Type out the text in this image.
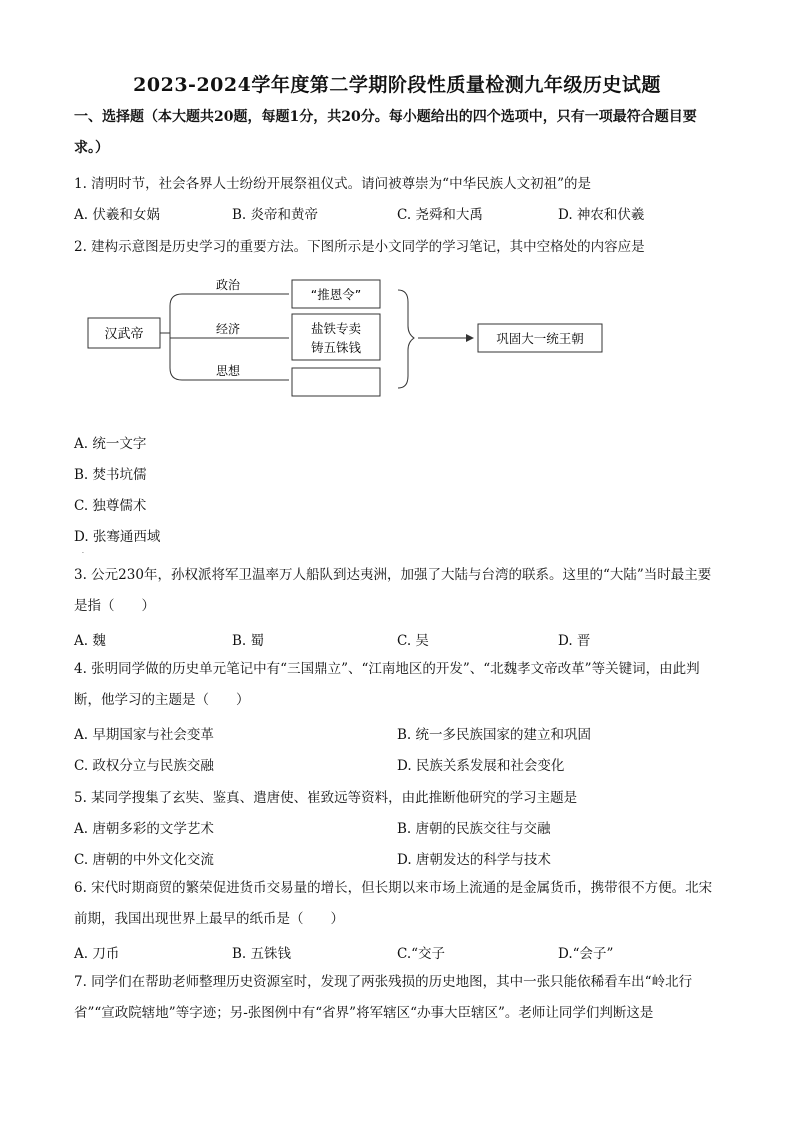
2023-2024学年度第二学期阶段性质量检测九年级历史试题
一、选择题（本大题共20题，每题1分，共20分。每小题给出的四个选项中，只有一项最符合题目要求。）
1. 清明时节，社会各界人士纷纷开展祭祖仪式。请问被尊崇为“中华民族人文初祖”的是
A. 伏羲和女娲	B. 炎帝和黄帝	C. 尧舜和大禹	D. 神农和伏羲
2. 建构示意图是历史学习的重要方法。下图所示是小文同学的学习笔记，其中空格处的内容应是
汉武帝
政治
经济
思想
“推恩令”
盐铁专卖
铸五铢钱
巩固大一统王朝
A. 统一文字
B. 焚书坑儒
C. 独尊儒术
D. 张骞通西域
.
3. 公元230年，孙权派将军卫温率万人船队到达夷洲，加强了大陆与台湾的联系。这里的“大陆”当时最主要是指（　　）
A. 魏	B. 蜀	C. 吴	D. 晋
4. 张明同学做的历史单元笔记中有“三国鼎立”、“江南地区的开发”、“北魏孝文帝改革”等关键词，由此判断，他学习的主题是（　　）
A. 早期国家与社会变革	B. 统一多民族国家的建立和巩固
C. 政权分立与民族交融	D. 民族关系发展和社会变化
5. 某同学搜集了玄奘、鉴真、遣唐使、崔致远等资料，由此推断他研究的学习主题是
A. 唐朝多彩的文学艺术	B. 唐朝的民族交往与交融
C. 唐朝的中外文化交流	D. 唐朝发达的科学与技术
6. 宋代时期商贸的繁荣促进货币交易量的增长，但长期以来市场上流通的是金属货币，携带很不方便。北宋前期，我国出现世界上最早的纸币是（　　）
A. 刀币	B. 五铢钱	C.“交子	D.“会子”
7. 同学们在帮助老师整理历史资源室时，发现了两张残损的历史地图，其中一张只能依稀看车出“岭北行省”“宣政院辖地”等字迹；另-张图例中有“省界”将军辖区“办事大臣辖区”。老师让同学们判断这是
